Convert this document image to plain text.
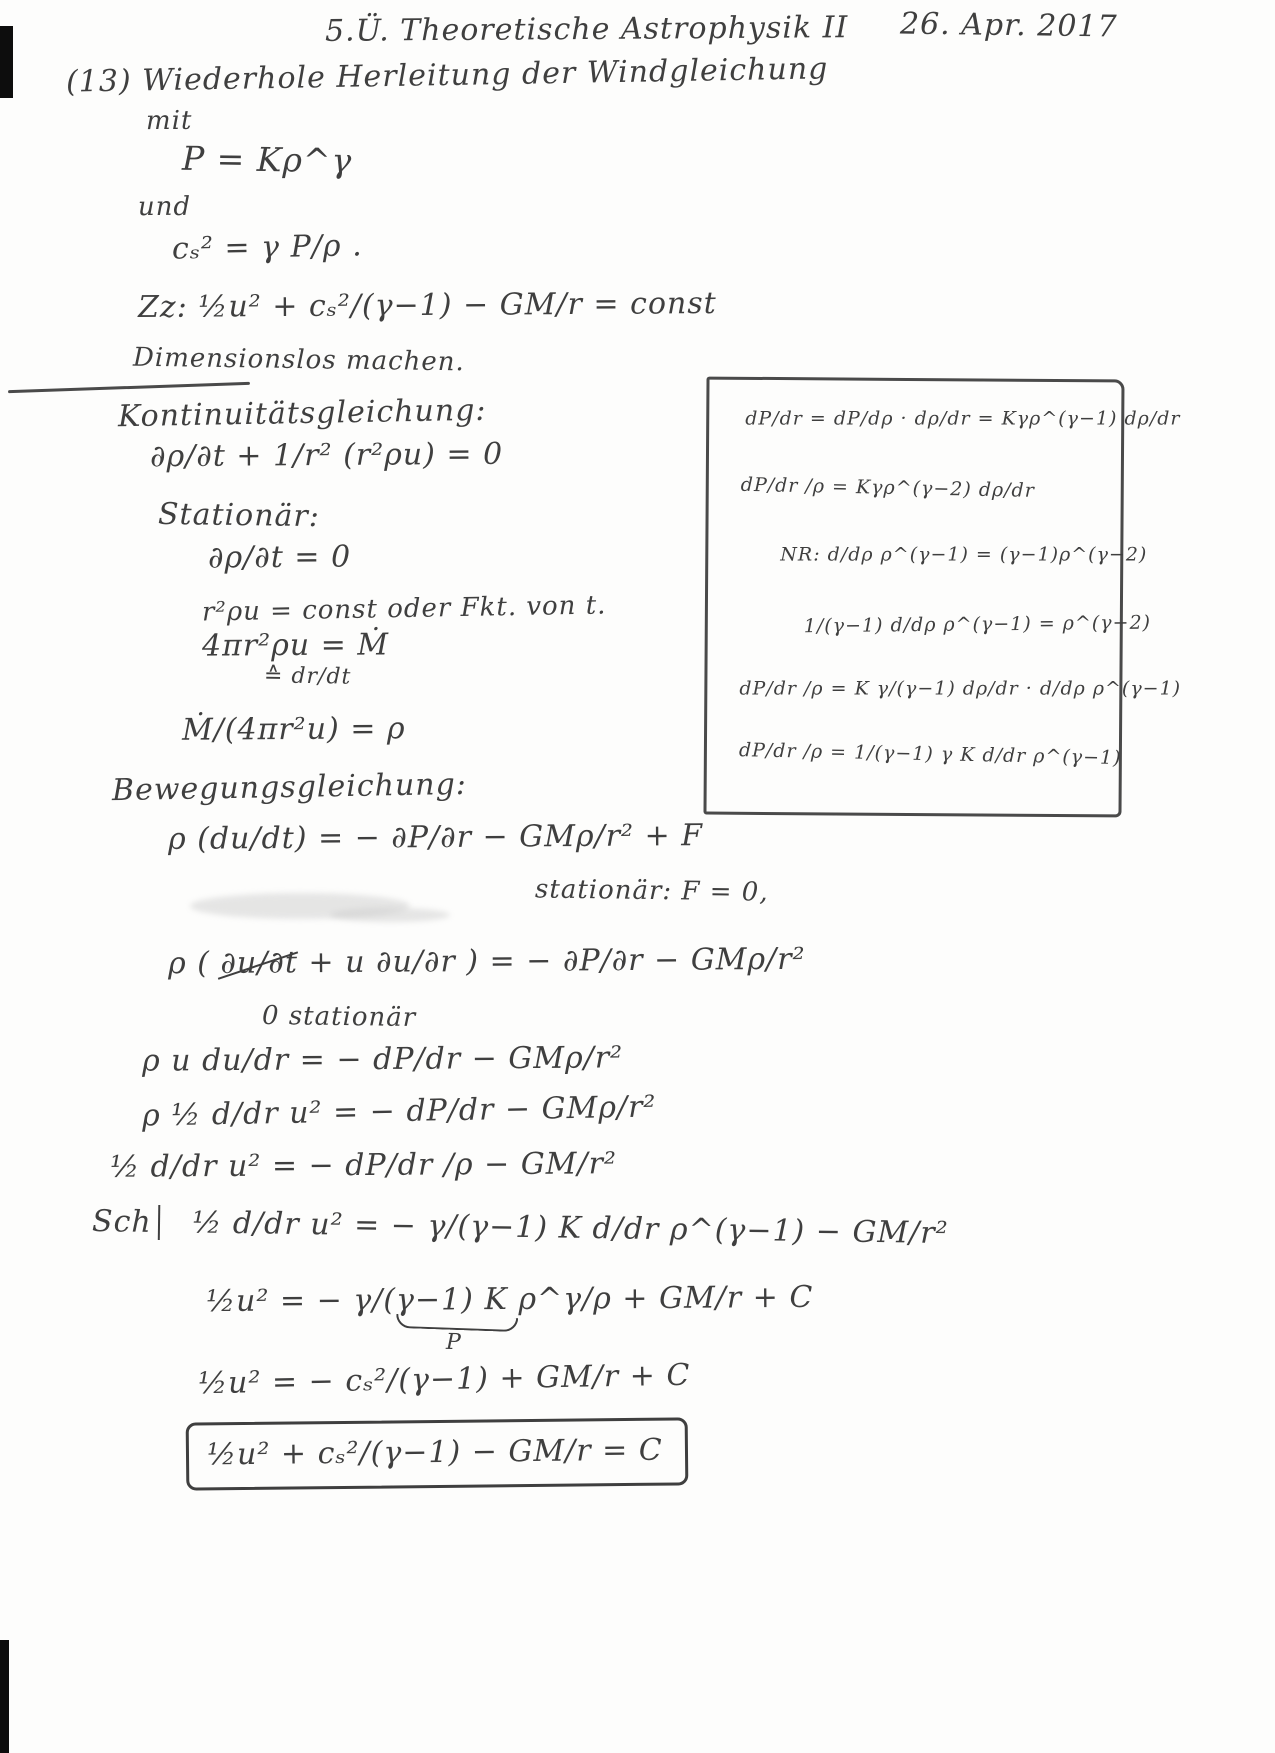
5.Ü. Theoretische Astrophysik II 26. Apr. 2017
(13) Wiederhole Herleitung der Windgleichung
mit
P = Kρ^γ
und
cₛ² = γ P/ρ .
Zz: ½u² + cₛ²/(γ−1) − GM/r = const
Dimensionslos machen.
Kontinuitätsgleichung:
∂ρ/∂t + 1/r² (r²ρu) = 0
Stationär:
∂ρ/∂t = 0
r²ρu = const oder Fkt. von t.
4πr²ρu = Ṁ
≙ dr/dt
Ṁ/(4πr²u) = ρ
Bewegungsgleichung:
ρ (du/dt) = − ∂P/∂r − GMρ/r² + F
stationär: F = 0,
ρ ( ∂u/∂t + u ∂u/∂r ) = − ∂P/∂r − GMρ/r²
0 stationär
ρ u du/dr = − dP/dr − GMρ/r²
ρ ½ d/dr u² = − dP/dr − GMρ/r²
½ d/dr u² = − dP/dr /ρ − GM/r²
Sch ½ d/dr u² = − γ/(γ−1) K d/dr ρ^(γ−1) − GM/r²
½u² = − γ/(γ−1) K ρ^γ/ρ + GM/r + C
P
½u² = − cₛ²/(γ−1) + GM/r + C
½u² + cₛ²/(γ−1) − GM/r = C
dP/dr = dP/dρ · dρ/dr = Kγρ^(γ−1) dρ/dr
dP/dr /ρ = Kγρ^(γ−2) dρ/dr
NR: d/dρ ρ^(γ−1) = (γ−1)ρ^(γ−2)
1/(γ−1) d/dρ ρ^(γ−1) = ρ^(γ−2)
dP/dr /ρ = K γ/(γ−1) dρ/dr · d/dρ ρ^(γ−1)
dP/dr /ρ = 1/(γ−1) γ K d/dr ρ^(γ−1)
